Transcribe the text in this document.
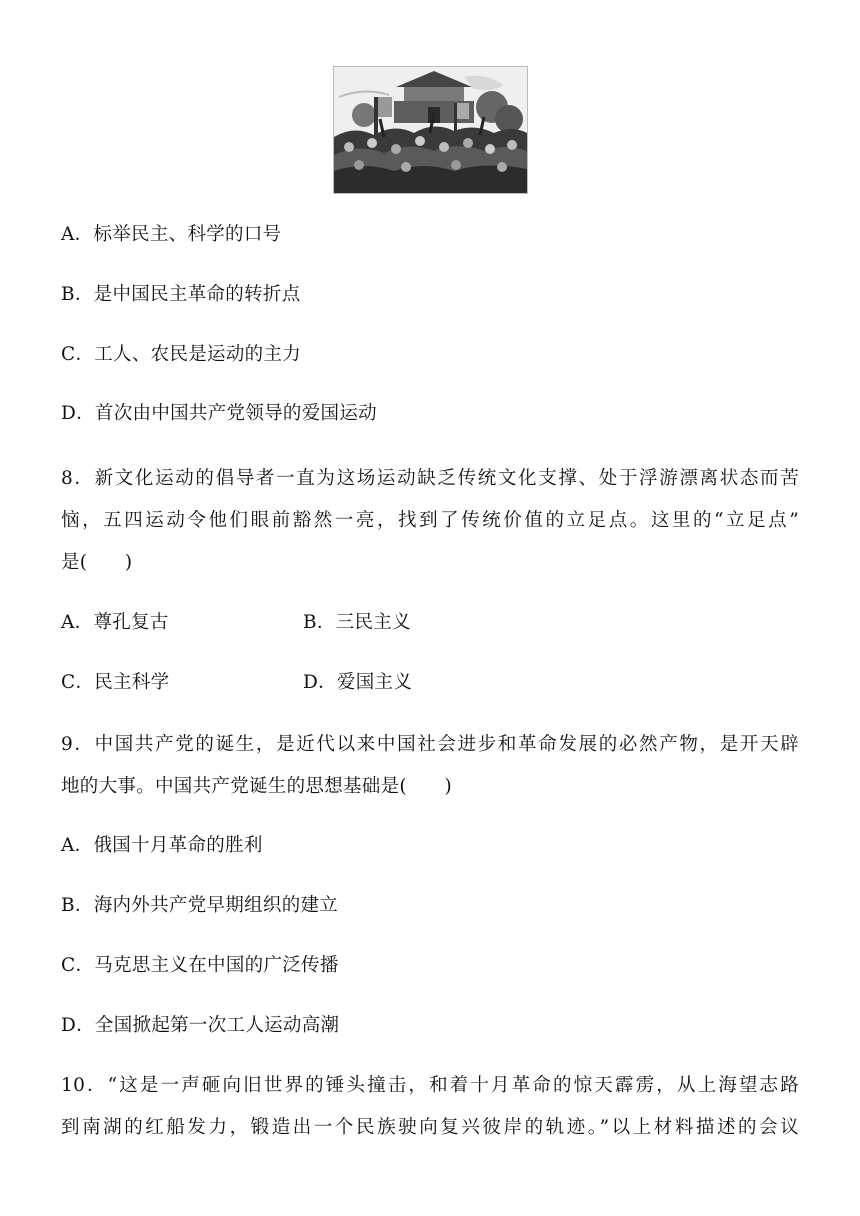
A．标举民主、科学的口号
B．是中国民主革命的转折点
C．工人、农民是运动的主力
D．首次由中国共产党领导的爱国运动
8．新文化运动的倡导者一直为这场运动缺乏传统文化支撑、处于浮游漂离状态而苦
恼，五四运动令他们眼前豁然一亮，找到了传统价值的立足点。这里的“立足点”
是(　　)
A．尊孔复古	B．三民主义
C．民主科学	D．爱国主义
9．中国共产党的诞生，是近代以来中国社会进步和革命发展的必然产物，是开天辟
地的大事。中国共产党诞生的思想基础是(　　)
A．俄国十月革命的胜利
B．海内外共产党早期组织的建立
C．马克思主义在中国的广泛传播
D．全国掀起第一次工人运动高潮
10．“这是一声砸向旧世界的锤头撞击，和着十月革命的惊天霹雳，从上海望志路
到南湖的红船发力，锻造出一个民族驶向复兴彼岸的轨迹。”以上材料描述的会议
